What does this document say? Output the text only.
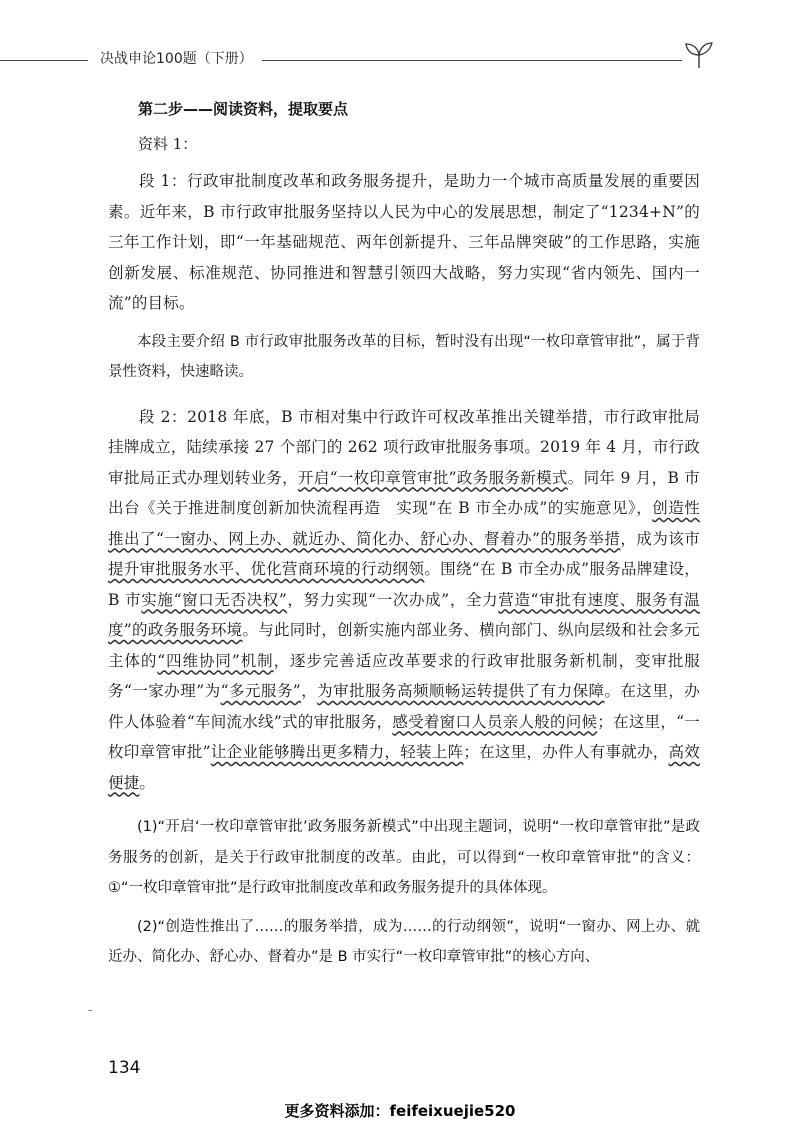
决战申论100题（下册）
第二步——阅读资料，提取要点
资料 1：

段 1：行政审批制度改革和政务服务提升，是助力一个城市高质量发展的重要因素。近年来，B 市行政审批服务坚持以人民为中心的发展思想，制定了“1234+N”的三年工作计划，即“一年基础规范、两年创新提升、三年品牌突破”的工作思路，实施创新发展、标准规范、协同推进和智慧引领四大战略，努力实现“省内领先、国内一流”的目标。

本段主要介绍 B 市行政审批服务改革的目标，暂时没有出现“一枚印章管审批”，属于背景性资料，快速略读。

段 2：2018 年底，B 市相对集中行政许可权改革推出关键举措，市行政审批局挂牌成立，陆续承接 27 个部门的 262 项行政审批服务事项。2019 年 4 月，市行政审批局正式办理划转业务，开启“一枚印章管审批”政务服务新模式。同年 9 月，B 市出台《关于推进制度创新加快流程再造　实现“在 B 市全办成”的实施意见》，创造性推出了“一窗办、网上办、就近办、简化办、舒心办、督着办”的服务举措，成为该市提升审批服务水平、优化营商环境的行动纲领。围绕“在 B 市全办成”服务品牌建设，B 市实施“窗口无否决权”，努力实现“一次办成”，全力营造“审批有速度、服务有温度”的政务服务环境。与此同时，创新实施内部业务、横向部门、纵向层级和社会多元主体的“四维协同”机制，逐步完善适应改革要求的行政审批服务新机制，变审批服务“一家办理”为“多元服务”，为审批服务高频顺畅运转提供了有力保障。在这里，办件人体验着“车间流水线”式的审批服务，感受着窗口人员亲人般的问候；在这里，“一枚印章管审批”让企业能够腾出更多精力，轻装上阵；在这里，办件人有事就办，高效便捷。

(1)“开启‘一枚印章管审批’政务服务新模式”中出现主题词，说明“一枚印章管审批”是政务服务的创新，是关于行政审批制度的改革。由此，可以得到“一枚印章管审批”的含义：①“一枚印章管审批”是行政审批制度改革和政务服务提升的具体体现。

(2)“创造性推出了……的服务举措，成为……的行动纲领”，说明“一窗办、网上办、就近办、简化办、舒心办、督着办”是 B 市实行“一枚印章管审批”的核心方向、

-
134
更多资料添加：feifeixuejie520
